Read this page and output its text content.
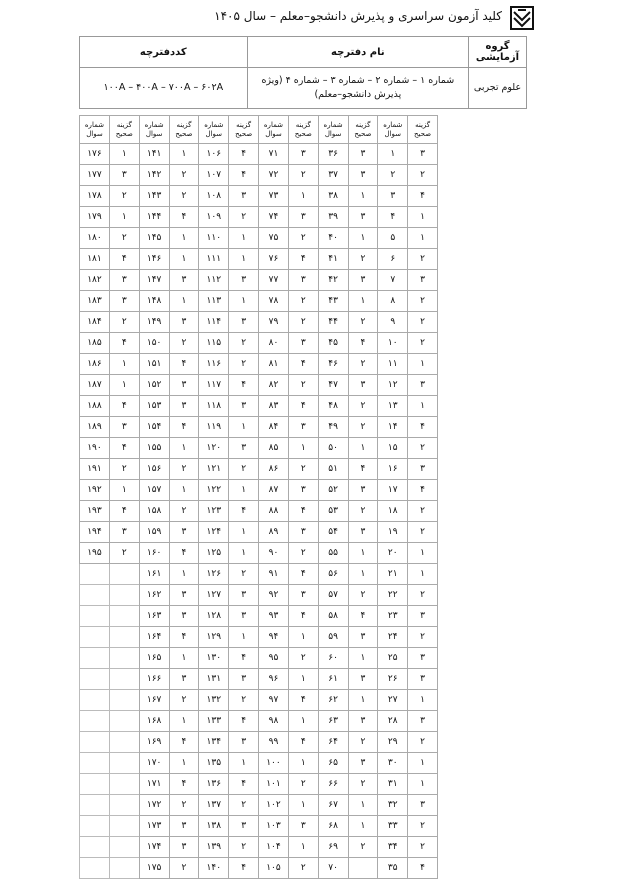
کلید آزمون سراسری و پذیرش دانشجو–معلم – سال ۱۴۰۵
گروه آزمایشی	نام دفترچه	کددفترچه
علوم تجربی	شماره ۱ – شماره ۲ – شماره ۳ – شماره ۴ (ویژه پذیرش دانشجو–معلم)	۱۰۰A – ۴۰۰A – ۷۰۰A – ۶۰۲A
گزینه صحیح	شماره سوال	گزینه صحیح	شماره سوال	گزینه صحیح	شماره سوال	گزینه صحیح	شماره سوال	گزینه صحیح	شماره سوال	گزینه صحیح	شماره سوال
۳	۱	۳	۳۶	۳	۷۱	۴	۱۰۶	۱	۱۴۱	۱	۱۷۶
۲	۲	۳	۳۷	۲	۷۲	۴	۱۰۷	۲	۱۴۲	۳	۱۷۷
۴	۳	۱	۳۸	۱	۷۳	۳	۱۰۸	۲	۱۴۳	۲	۱۷۸
۱	۴	۳	۳۹	۳	۷۴	۲	۱۰۹	۴	۱۴۴	۱	۱۷۹
۱	۵	۱	۴۰	۲	۷۵	۱	۱۱۰	۱	۱۴۵	۲	۱۸۰
۲	۶	۲	۴۱	۴	۷۶	۱	۱۱۱	۱	۱۴۶	۴	۱۸۱
۳	۷	۳	۴۲	۳	۷۷	۳	۱۱۲	۳	۱۴۷	۳	۱۸۲
۲	۸	۱	۴۳	۲	۷۸	۱	۱۱۳	۱	۱۴۸	۳	۱۸۳
۲	۹	۲	۴۴	۲	۷۹	۳	۱۱۴	۳	۱۴۹	۲	۱۸۴
۲	۱۰	۴	۴۵	۳	۸۰	۲	۱۱۵	۲	۱۵۰	۴	۱۸۵
۱	۱۱	۲	۴۶	۴	۸۱	۲	۱۱۶	۴	۱۵۱	۱	۱۸۶
۳	۱۲	۳	۴۷	۲	۸۲	۴	۱۱۷	۳	۱۵۲	۱	۱۸۷
۱	۱۳	۲	۴۸	۴	۸۳	۳	۱۱۸	۳	۱۵۳	۴	۱۸۸
۴	۱۴	۲	۴۹	۳	۸۴	۱	۱۱۹	۴	۱۵۴	۳	۱۸۹
۲	۱۵	۱	۵۰	۱	۸۵	۳	۱۲۰	۱	۱۵۵	۴	۱۹۰
۳	۱۶	۴	۵۱	۲	۸۶	۲	۱۲۱	۲	۱۵۶	۲	۱۹۱
۴	۱۷	۳	۵۲	۳	۸۷	۱	۱۲۲	۱	۱۵۷	۱	۱۹۲
۲	۱۸	۲	۵۳	۴	۸۸	۴	۱۲۳	۲	۱۵۸	۴	۱۹۳
۲	۱۹	۳	۵۴	۳	۸۹	۱	۱۲۴	۳	۱۵۹	۳	۱۹۴
۱	۲۰	۱	۵۵	۲	۹۰	۱	۱۲۵	۴	۱۶۰	۲	۱۹۵
۱	۲۱	۱	۵۶	۴	۹۱	۲	۱۲۶	۱	۱۶۱		
۲	۲۲	۲	۵۷	۳	۹۲	۳	۱۲۷	۳	۱۶۲		
۳	۲۳	۴	۵۸	۴	۹۳	۳	۱۲۸	۳	۱۶۳		
۲	۲۴	۳	۵۹	۱	۹۴	۱	۱۲۹	۴	۱۶۴		
۳	۲۵	۱	۶۰	۲	۹۵	۴	۱۳۰	۱	۱۶۵		
۳	۲۶	۳	۶۱	۱	۹۶	۳	۱۳۱	۳	۱۶۶		
۱	۲۷	۱	۶۲	۴	۹۷	۲	۱۳۲	۲	۱۶۷		
۳	۲۸	۳	۶۳	۱	۹۸	۴	۱۳۳	۱	۱۶۸		
۲	۲۹	۲	۶۴	۴	۹۹	۳	۱۳۴	۴	۱۶۹		
۱	۳۰	۳	۶۵	۱	۱۰۰	۱	۱۳۵	۱	۱۷۰		
۱	۳۱	۲	۶۶	۲	۱۰۱	۴	۱۳۶	۴	۱۷۱		
۳	۳۲	۱	۶۷	۱	۱۰۲	۲	۱۳۷	۲	۱۷۲		
۲	۳۳	۱	۶۸	۳	۱۰۳	۳	۱۳۸	۳	۱۷۳		
۲	۳۴	۲	۶۹	۱	۱۰۴	۲	۱۳۹	۳	۱۷۴		
۴	۳۵		۷۰	۲	۱۰۵	۴	۱۴۰	۲	۱۷۵		
